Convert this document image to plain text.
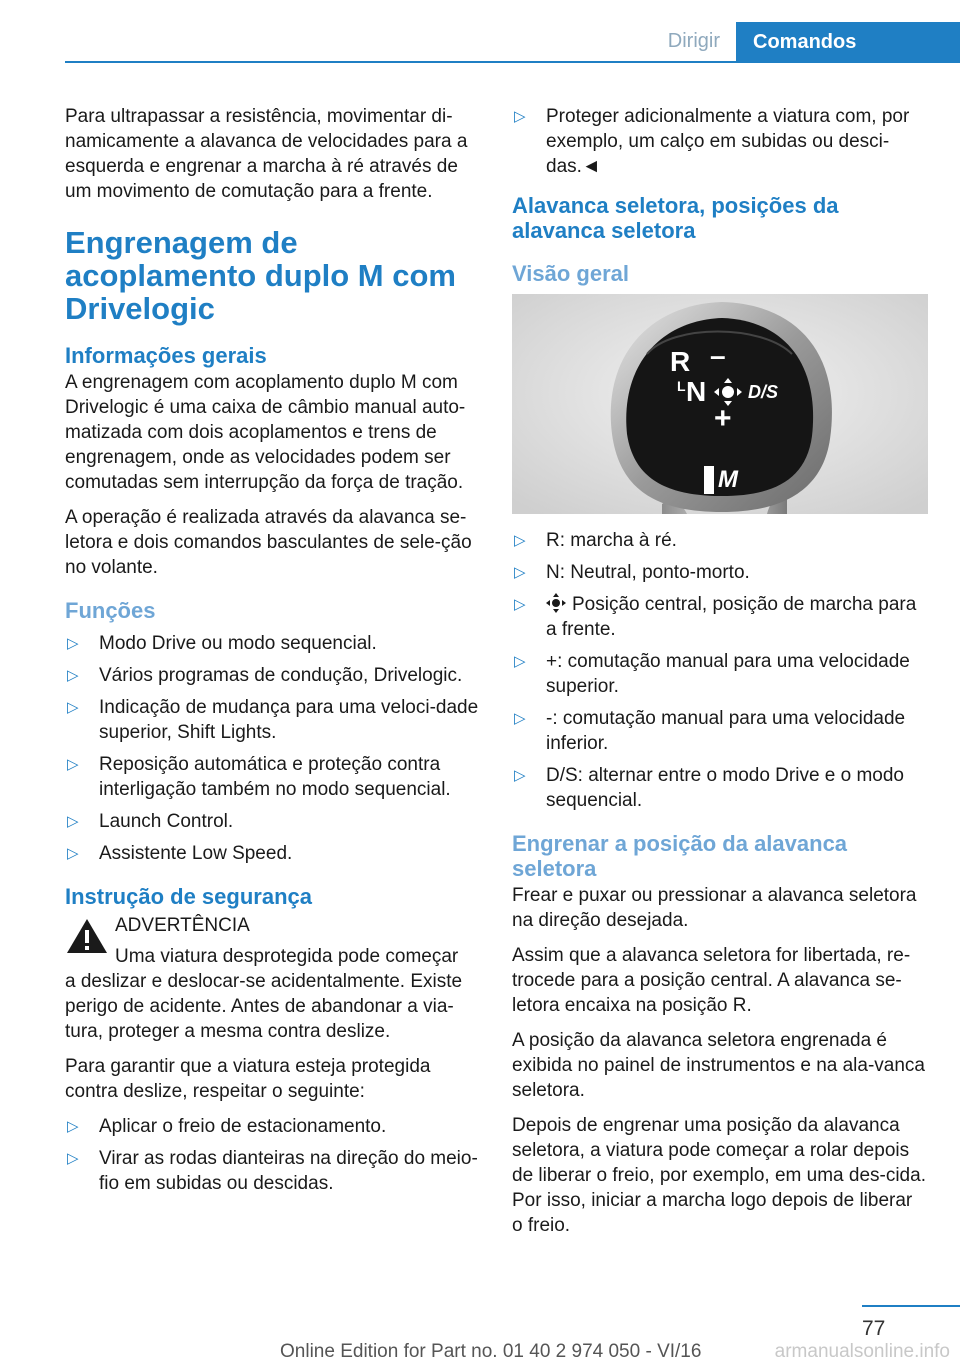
Dirigir	Comandos

Para ultrapassar a resistência, movimentar di-namicamente a alavanca de velocidades para a esquerda e engrenar a marcha à ré através de um movimento de comutação para a frente.

Engrenagem de acoplamento duplo M com Drivelogic
Informações gerais

A engrenagem com acoplamento duplo M com Drivelogic é uma caixa de câmbio manual auto-matizada com dois acoplamentos e trens de engrenagem, onde as velocidades podem ser comutadas sem interrupção da força de tração.

A operação é realizada através da alavanca se-letora e dois comandos basculantes de sele-ção no volante.

Funções
▷ Modo Drive ou modo sequencial.
▷ Vários programas de condução, Drivelogic.
▷ Indicação de mudança para uma veloci-dade superior, Shift Lights.
▷ Reposição automática e proteção contra interligação também no modo sequencial.
▷ Launch Control.
▷ Assistente Low Speed.
Instrução de segurança
ADVERTÊNCIA
Uma viatura desprotegida pode começar

a deslizar e deslocar-se acidentalmente. Existe perigo de acidente. Antes de abandonar a via-tura, proteger a mesma contra deslize.

Para garantir que a viatura esteja protegida contra deslize, respeitar o seguinte:

▷ Aplicar o freio de estacionamento.
▷ Virar as rodas dianteiras na direção do meio-fio em subidas ou descidas.
▷ Proteger adicionalmente a viatura com, por exemplo, um calço em subidas ou desci-das.◄
Alavanca seletora, posições da alavanca seletora
Visão geral
R –
L N D/S
+
M
▷ R: marcha à ré.
▷ N: Neutral, ponto-morto.
▷ Posição central, posição de marcha para a frente.
▷ +: comutação manual para uma velocidade superior.
▷ -: comutação manual para uma velocidade inferior.
▷ D/S: alternar entre o modo Drive e o modo sequencial.
Engrenar a posição da alavanca seletora

Frear e puxar ou pressionar a alavanca seletora na direção desejada.

Assim que a alavanca seletora for libertada, re-trocede para a posição central. A alavanca se-letora encaixa na posição R.

A posição da alavanca seletora engrenada é exibida no painel de instrumentos e na ala-vanca seletora.

Depois de engrenar uma posição da alavanca seletora, a viatura pode começar a rolar depois de liberar o freio, por exemplo, em uma des-cida. Por isso, iniciar a marcha logo depois de liberar o freio.

77
Online Edition for Part no. 01 40 2 974 050 - VI/16	armanualsonline.info
